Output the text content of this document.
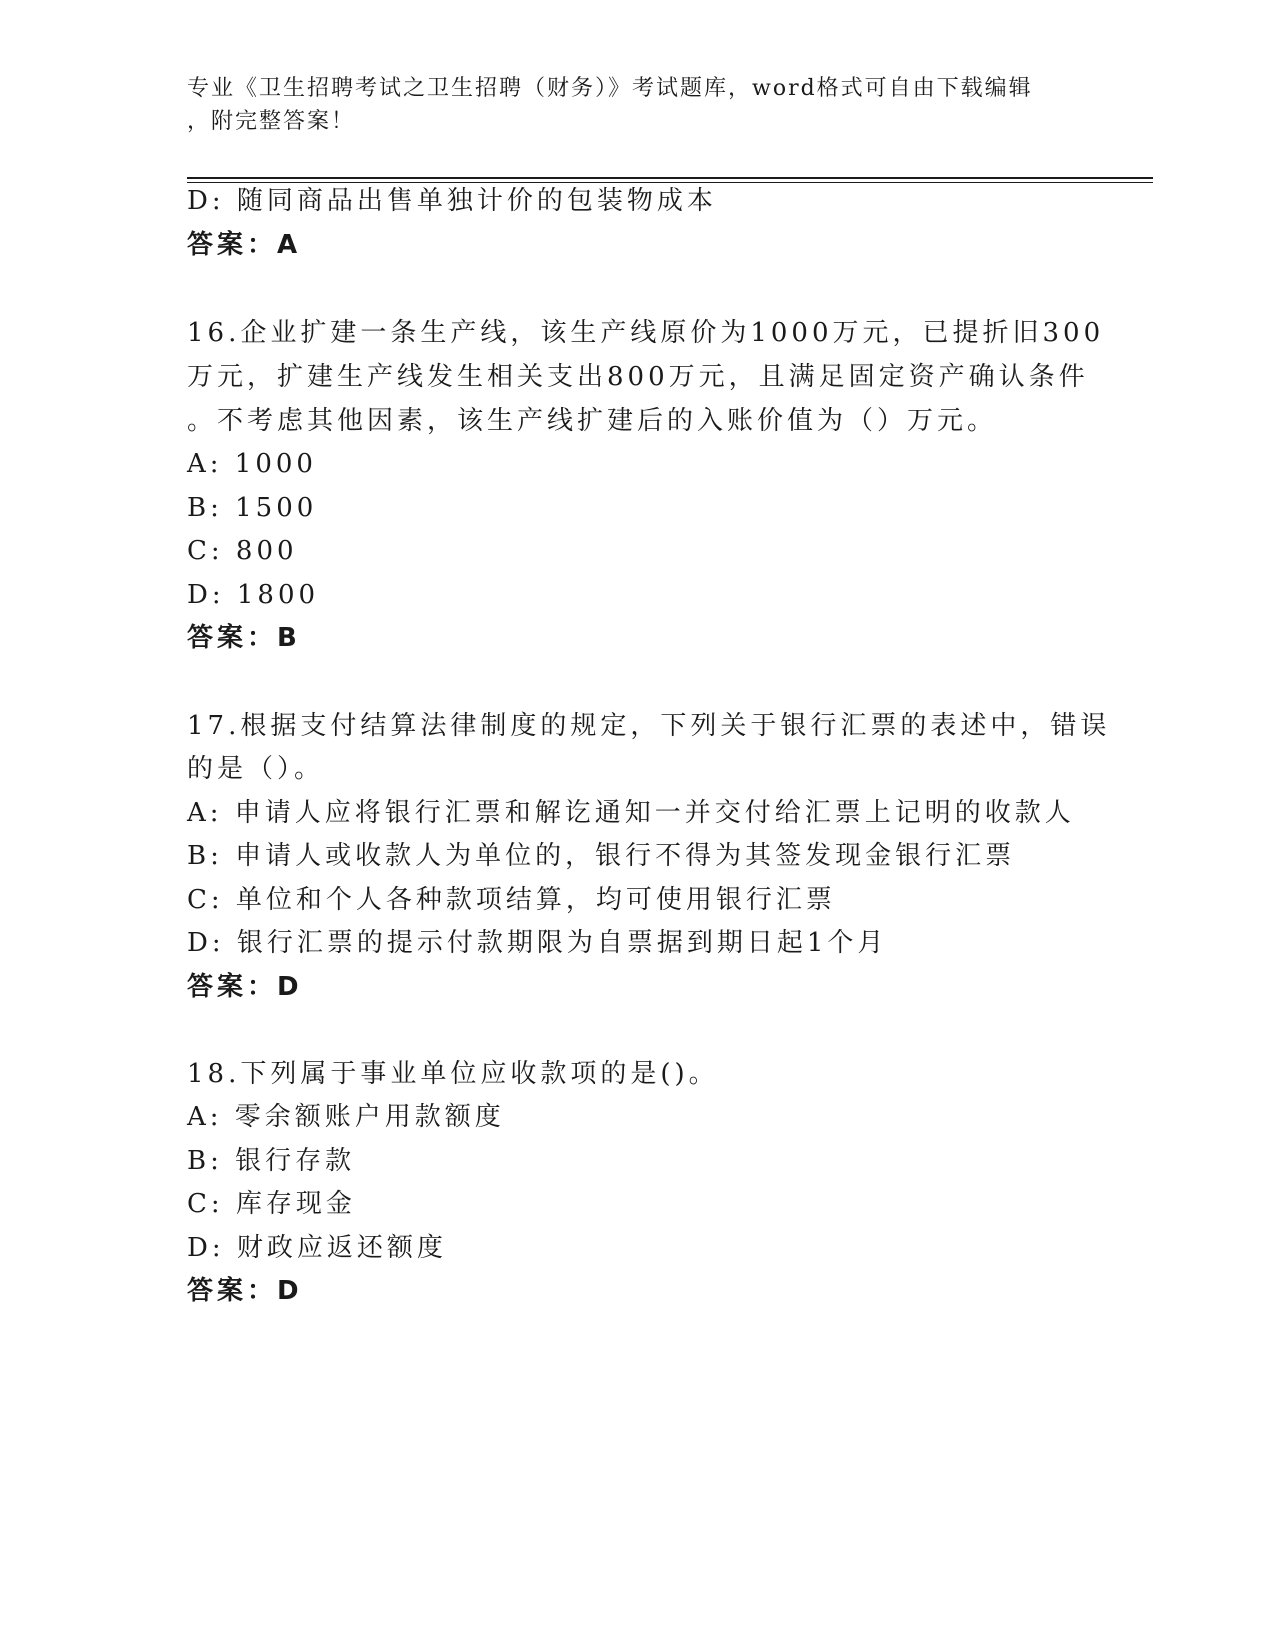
专业《卫生招聘考试之卫生招聘（财务）》考试题库，word格式可自由下载编辑
，附完整答案！
D: 随同商品出售单独计价的包装物成本
答案：A
16.企业扩建一条生产线，该生产线原价为1000万元，已提折旧300
万元，扩建生产线发生相关支出800万元，且满足固定资产确认条件
。不考虑其他因素，该生产线扩建后的入账价值为（）万元。
A: 1000
B: 1500
C: 800
D: 1800
答案：B
17.根据支付结算法律制度的规定，下列关于银行汇票的表述中，错误
的是（）。
A: 申请人应将银行汇票和解讫通知一并交付给汇票上记明的收款人
B: 申请人或收款人为单位的，银行不得为其签发现金银行汇票
C: 单位和个人各种款项结算，均可使用银行汇票
D: 银行汇票的提示付款期限为自票据到期日起1个月
答案：D
18.下列属于事业单位应收款项的是()。
A: 零余额账户用款额度
B: 银行存款
C: 库存现金
D: 财政应返还额度
答案：D
